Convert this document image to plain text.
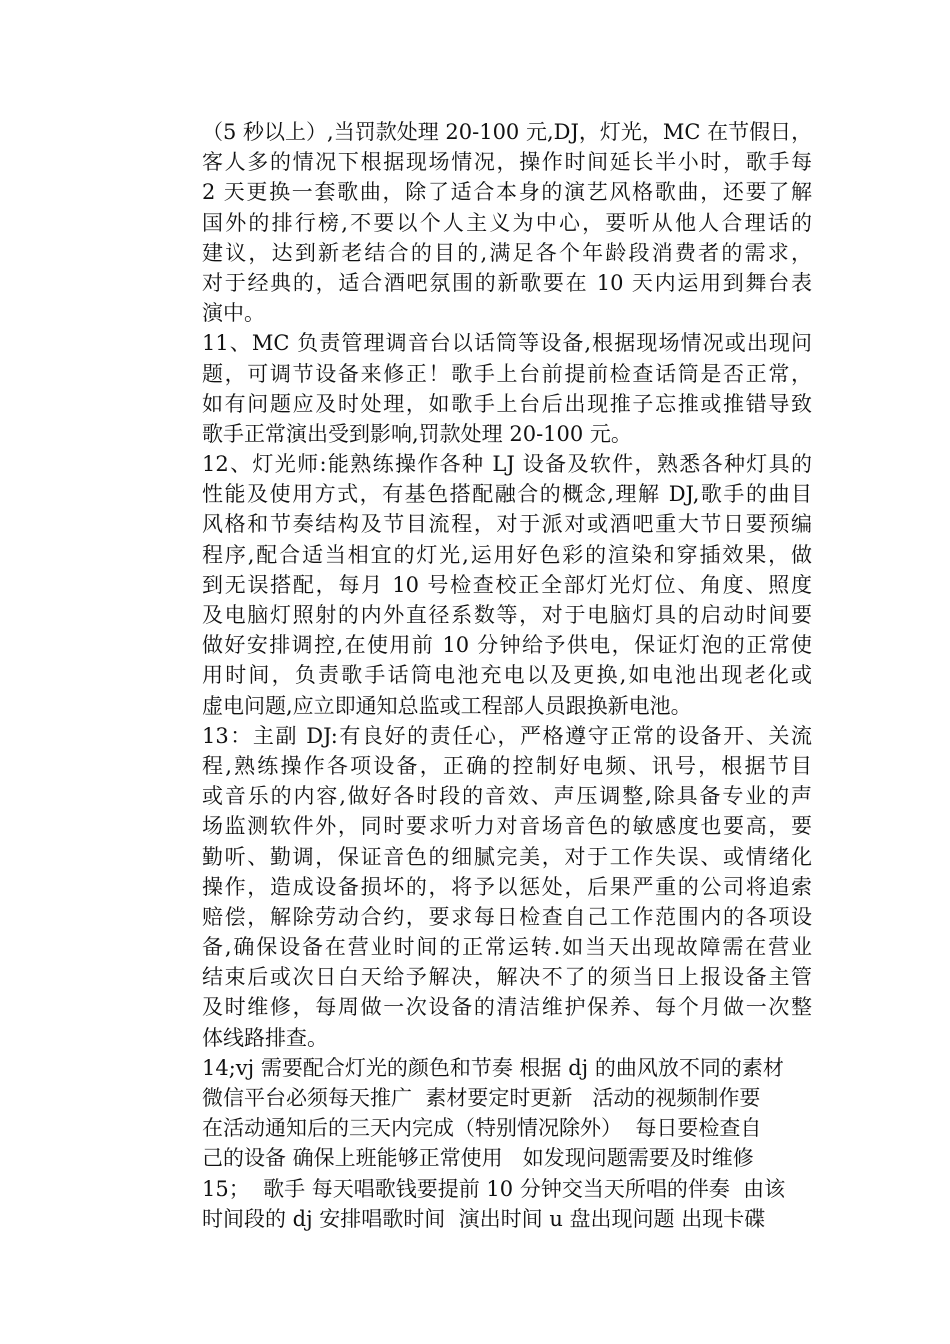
（5 秒以上）,当罚款处理 20-100 元,DJ，灯光，MC 在节假日，
客人多的情况下根据现场情况，操作时间延长半小时，歌手每
2 天更换一套歌曲，除了适合本身的演艺风格歌曲，还要了解
国外的排行榜,不要以个人主义为中心，要听从他人合理话的
建议，达到新老结合的目的,满足各个年龄段消费者的需求，
对于经典的，适合酒吧氛围的新歌要在 10 天内运用到舞台表
演中。
11、MC 负责管理调音台以话筒等设备,根据现场情况或出现问
题，可调节设备来修正！歌手上台前提前检查话筒是否正常，
如有问题应及时处理，如歌手上台后出现推子忘推或推错导致
歌手正常演出受到影响,罚款处理 20-100 元。
12、灯光师:能熟练操作各种 LJ 设备及软件，熟悉各种灯具的
性能及使用方式，有基色搭配融合的概念,理解 DJ,歌手的曲目
风格和节奏结构及节目流程，对于派对或酒吧重大节日要预编
程序,配合适当相宜的灯光,运用好色彩的渲染和穿插效果，做
到无误搭配，每月 10 号检查校正全部灯光灯位、角度、照度
及电脑灯照射的内外直径系数等，对于电脑灯具的启动时间要
做好安排调控,在使用前 10 分钟给予供电，保证灯泡的正常使
用时间，负责歌手话筒电池充电以及更换,如电池出现老化或
虚电问题,应立即通知总监或工程部人员跟换新电池。
13：主副 DJ:有良好的责任心，严格遵守正常的设备开、关流
程,熟练操作各项设备，正确的控制好电频、讯号，根据节目
或音乐的内容,做好各时段的音效、声压调整,除具备专业的声
场监测软件外，同时要求听力对音场音色的敏感度也要高，要
勤听、勤调，保证音色的细腻完美，对于工作失误、或情绪化
操作，造成设备损坏的，将予以惩处，后果严重的公司将追索
赔偿，解除劳动合约，要求每日检查自己工作范围内的各项设
备,确保设备在营业时间的正常运转.如当天出现故障需在营业
结束后或次日白天给予解决，解决不了的须当日上报设备主管
及时维修，每周做一次设备的清洁维护保养、每个月做一次整
体线路排查。
14;vj 需要配合灯光的颜色和节奏 根据 dj 的曲风放不同的素材
微信平台必须每天推广  素材要定时更新   活动的视频制作要
在活动通知后的三天内完成（特别情况除外）  每日要检查自
己的设备 确保上班能够正常使用   如发现问题需要及时维修
15；  歌手 每天唱歌钱要提前 10 分钟交当天所唱的伴奏  由该
时间段的 dj 安排唱歌时间  演出时间 u 盘出现问题 出现卡碟
